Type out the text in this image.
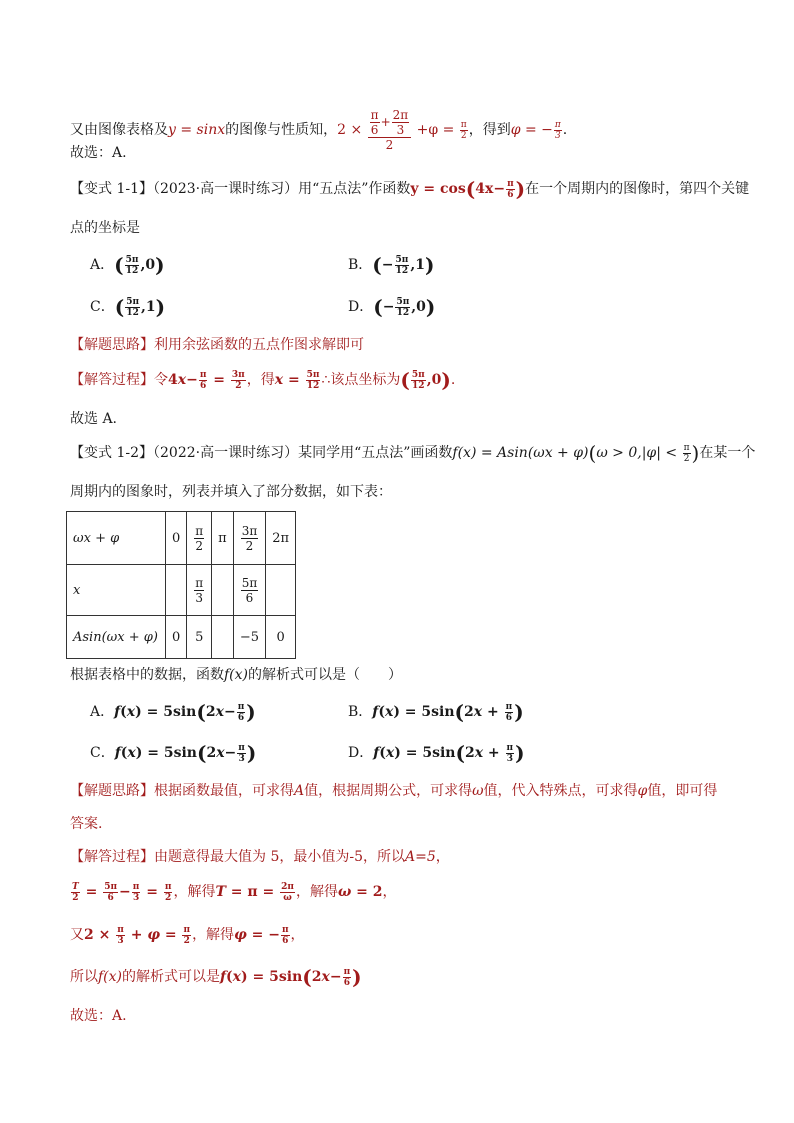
又由图像表格及y = sinx的图像与性质知，$2 \times \frac{\frac{\pi}{6} + \frac{2\pi}{3}}{2} +\varphi = \frac{\pi}{2}$ ，得到φ = − $\frac{\pi}{3}$ .
故选：A.
【变式 1-1】（2023·高一课时练习）用“五点法”作函数$y = \cos(4x- \frac{\pi}{6}$ )在一个周期内的图像时，第四个关键
点的坐标是
A．( $\frac{5\pi}{12} ,0$)	B．(− $\frac{5\pi}{12} ,1$)
C．( $\frac{5\pi}{12} ,1$)	D．(− $\frac{5\pi}{12} ,0$)
【解题思路】利用余弦函数的五点作图求解即可
【解答过程】令$4x- \frac{\pi}{6} = \frac{3\pi}{2}$ ，得$x = \frac{5\pi}{12}$ ∴该点坐标为( $\frac{5\pi}{12} ,0$).
故选 A.
【变式 1-2】（2022·高一课时练习）某同学用“五点法”画函数$f(x) = Asin(\omega x + \varphi)(\omega > 0,|\varphi| < \frac{\pi}{2}$ )在某一个
周期内的图象时，列表并填入了部分数据，如下表：
ωx + φ	0	$\frac{\pi}{2}$	π	$\frac{3\pi}{2}$	2π
x		$\frac{\pi}{3}$		$\frac{5\pi}{6}$

Asin(ωx + φ)	0	5		−5	0
根据表格中的数据，函数f(x)的解析式可以是（　　）
A．$f(x) = 5\sin(2x- \frac{\pi}{6}$ )	B．$f(x) = 5\sin(2x + \frac{\pi}{6}$ )
C．$f(x) = 5\sin(2x- \frac{\pi}{3}$ )	D．$f(x) = 5\sin(2x + \frac{\pi}{3}$ )
【解题思路】根据函数最值，可求得A值，根据周期公式，可求得ω值，代入特殊点，可求得φ值，即可得
答案.
【解答过程】由题意得最大值为 5，最小值为-5，所以A=5，
$\frac{T}{2} = \frac{5\pi}{6} - \frac{\pi}{3} = \frac{\pi}{2}$ ，解得$T = \pi = \frac{2\pi}{\omega}$ ，解得ω = 2，
又$2 \times \frac{\pi}{3} + \varphi = \frac{\pi}{2}$ ，解得φ = − $\frac{\pi}{6}$ ，
所以f(x)的解析式可以是$f(x) = 5\sin(2x- \frac{\pi}{6}$ )
故选：A.
